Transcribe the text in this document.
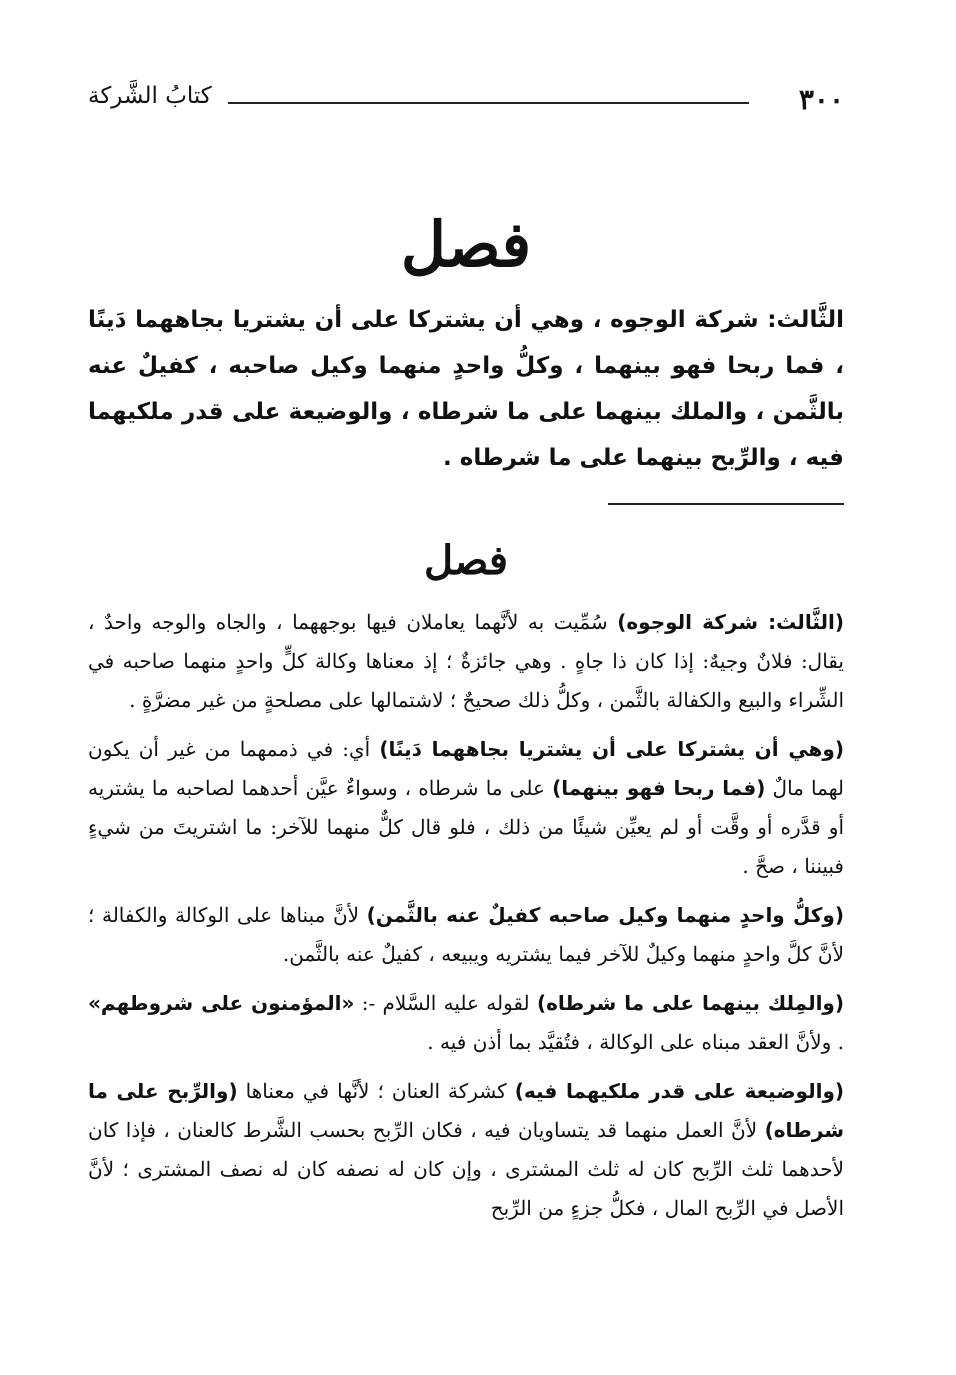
٣٠٠
كتابُ الشَّركة
فصل

الثَّالث: شركة الوجوه ، وهي أن يشتركا على أن يشتريا بجاههما دَينًا ، فما ربحا فهو بينهما ، وكلُّ واحدٍ منهما وكيل صاحبه ، كفيلٌ عنه بالثَّمن ، والملك بينهما على ما شرطاه ، والوضيعة على قدر ملكيهما فيه ، والرِّبح بينهما على ما شرطاه .

فصل

(الثَّالث: شركة الوجوه) سُمِّيت به لأنَّهما يعاملان فيها بوجههما ، والجاه والوجه واحدٌ ، يقال: فلانٌ وجيهٌ: إذا كان ذا جاهٍ . وهي جائزةٌ ؛ إذ معناها وكالة كلٍّ واحدٍ منهما صاحبه في الشِّراء والبيع والكفالة بالثَّمن ، وكلُّ ذلك صحيحٌ ؛ لاشتمالها على مصلحةٍ من غير مضرَّةٍ .

(وهي أن يشتركا على أن يشتريا بجاههما دَينًا) أي: في ذممهما من غير أن يكون لهما مالٌ (فما ربحا فهو بينهما) على ما شرطاه ، وسواءٌ عيَّن أحدهما لصاحبه ما يشتريه أو قدَّره أو وقَّت أو لم يعيِّن شيئًا من ذلك ، فلو قال كلٌّ منهما للآخر: ما اشتريتَ من شيءٍ فبيننا ، صحَّ .

(وكلُّ واحدٍ منهما وكيل صاحبه كفيلٌ عنه بالثَّمن) لأنَّ مبناها على الوكالة والكفالة ؛ لأنَّ كلَّ واحدٍ منهما وكيلٌ للآخر فيما يشتريه ويبيعه ، كفيلٌ عنه بالثَّمن.

(والمِلك بينهما على ما شرطاه) لقوله عليه السَّلام -: «المؤمنون على شروطهم» . ولأنَّ العقد مبناه على الوكالة ، فتُقيَّد بما أذن فيه .

(والوضيعة على قدر ملكيهما فيه) كشركة العنان ؛ لأنَّها في معناها (والرِّبح على ما شرطاه) لأنَّ العمل منهما قد يتساويان فيه ، فكان الرِّبح بحسب الشَّرط كالعنان ، فإذا كان لأحدهما ثلث الرِّبح كان له ثلث المشترى ، وإن كان له نصفه كان له نصف المشترى ؛ لأنَّ الأصل في الرِّبح المال ، فكلُّ جزءٍ من الرِّبح
